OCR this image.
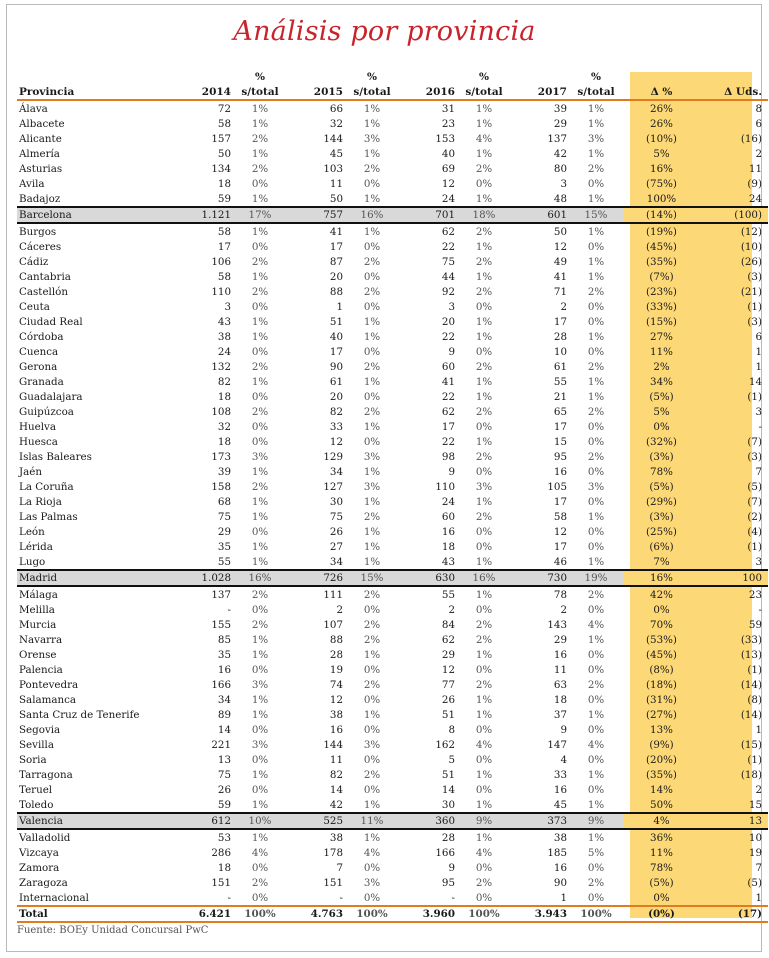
Análisis por provincia
		%		%		%		%		
Provincia	2014	s/total	2015	s/total	2016	s/total	2017	s/total	Δ %	Δ Uds.
Álava	72	1%	66	1%	31	1%	39	1%	26%	8
Albacete	58	1%	32	1%	23	1%	29	1%	26%	6
Alicante	157	2%	144	3%	153	4%	137	3%	(10%)	(16)
Almería	50	1%	45	1%	40	1%	42	1%	5%	2
Asturias	134	2%	103	2%	69	2%	80	2%	16%	11
Avila	18	0%	11	0%	12	0%	3	0%	(75%)	(9)
Badajoz	59	1%	50	1%	24	1%	48	1%	100%	24
Barcelona	1.121	17%	757	16%	701	18%	601	15%	(14%)	(100)
Burgos	58	1%	41	1%	62	2%	50	1%	(19%)	(12)
Cáceres	17	0%	17	0%	22	1%	12	0%	(45%)	(10)
Cádiz	106	2%	87	2%	75	2%	49	1%	(35%)	(26)
Cantabria	58	1%	20	0%	44	1%	41	1%	(7%)	(3)
Castellón	110	2%	88	2%	92	2%	71	2%	(23%)	(21)
Ceuta	3	0%	1	0%	3	0%	2	0%	(33%)	(1)
Ciudad Real	43	1%	51	1%	20	1%	17	0%	(15%)	(3)
Córdoba	38	1%	40	1%	22	1%	28	1%	27%	6
Cuenca	24	0%	17	0%	9	0%	10	0%	11%	1
Gerona	132	2%	90	2%	60	2%	61	2%	2%	1
Granada	82	1%	61	1%	41	1%	55	1%	34%	14
Guadalajara	18	0%	20	0%	22	1%	21	1%	(5%)	(1)
Guipúzcoa	108	2%	82	2%	62	2%	65	2%	5%	3
Huelva	32	0%	33	1%	17	0%	17	0%	0%	-
Huesca	18	0%	12	0%	22	1%	15	0%	(32%)	(7)
Islas Baleares	173	3%	129	3%	98	2%	95	2%	(3%)	(3)
Jaén	39	1%	34	1%	9	0%	16	0%	78%	7
La Coruña	158	2%	127	3%	110	3%	105	3%	(5%)	(5)
La Rioja	68	1%	30	1%	24	1%	17	0%	(29%)	(7)
Las Palmas	75	1%	75	2%	60	2%	58	1%	(3%)	(2)
León	29	0%	26	1%	16	0%	12	0%	(25%)	(4)
Lérida	35	1%	27	1%	18	0%	17	0%	(6%)	(1)
Lugo	55	1%	34	1%	43	1%	46	1%	7%	3
Madrid	1.028	16%	726	15%	630	16%	730	19%	16%	100
Málaga	137	2%	111	2%	55	1%	78	2%	42%	23
Melilla	-	0%	2	0%	2	0%	2	0%	0%	-
Murcia	155	2%	107	2%	84	2%	143	4%	70%	59
Navarra	85	1%	88	2%	62	2%	29	1%	(53%)	(33)
Orense	35	1%	28	1%	29	1%	16	0%	(45%)	(13)
Palencia	16	0%	19	0%	12	0%	11	0%	(8%)	(1)
Pontevedra	166	3%	74	2%	77	2%	63	2%	(18%)	(14)
Salamanca	34	1%	12	0%	26	1%	18	0%	(31%)	(8)
Santa Cruz de Tenerife	89	1%	38	1%	51	1%	37	1%	(27%)	(14)
Segovia	14	0%	16	0%	8	0%	9	0%	13%	1
Sevilla	221	3%	144	3%	162	4%	147	4%	(9%)	(15)
Soria	13	0%	11	0%	5	0%	4	0%	(20%)	(1)
Tarragona	75	1%	82	2%	51	1%	33	1%	(35%)	(18)
Teruel	26	0%	14	0%	14	0%	16	0%	14%	2
Toledo	59	1%	42	1%	30	1%	45	1%	50%	15
Valencia	612	10%	525	11%	360	9%	373	9%	4%	13
Valladolid	53	1%	38	1%	28	1%	38	1%	36%	10
Vizcaya	286	4%	178	4%	166	4%	185	5%	11%	19
Zamora	18	0%	7	0%	9	0%	16	0%	78%	7
Zaragoza	151	2%	151	3%	95	2%	90	2%	(5%)	(5)
Internacional	-	0%	-	0%	-	0%	1	0%	0%	1
Total	6.421	100%	4.763	100%	3.960	100%	3.943	100%	(0%)	(17)
Fuente: BOEy Unidad Concursal PwC
